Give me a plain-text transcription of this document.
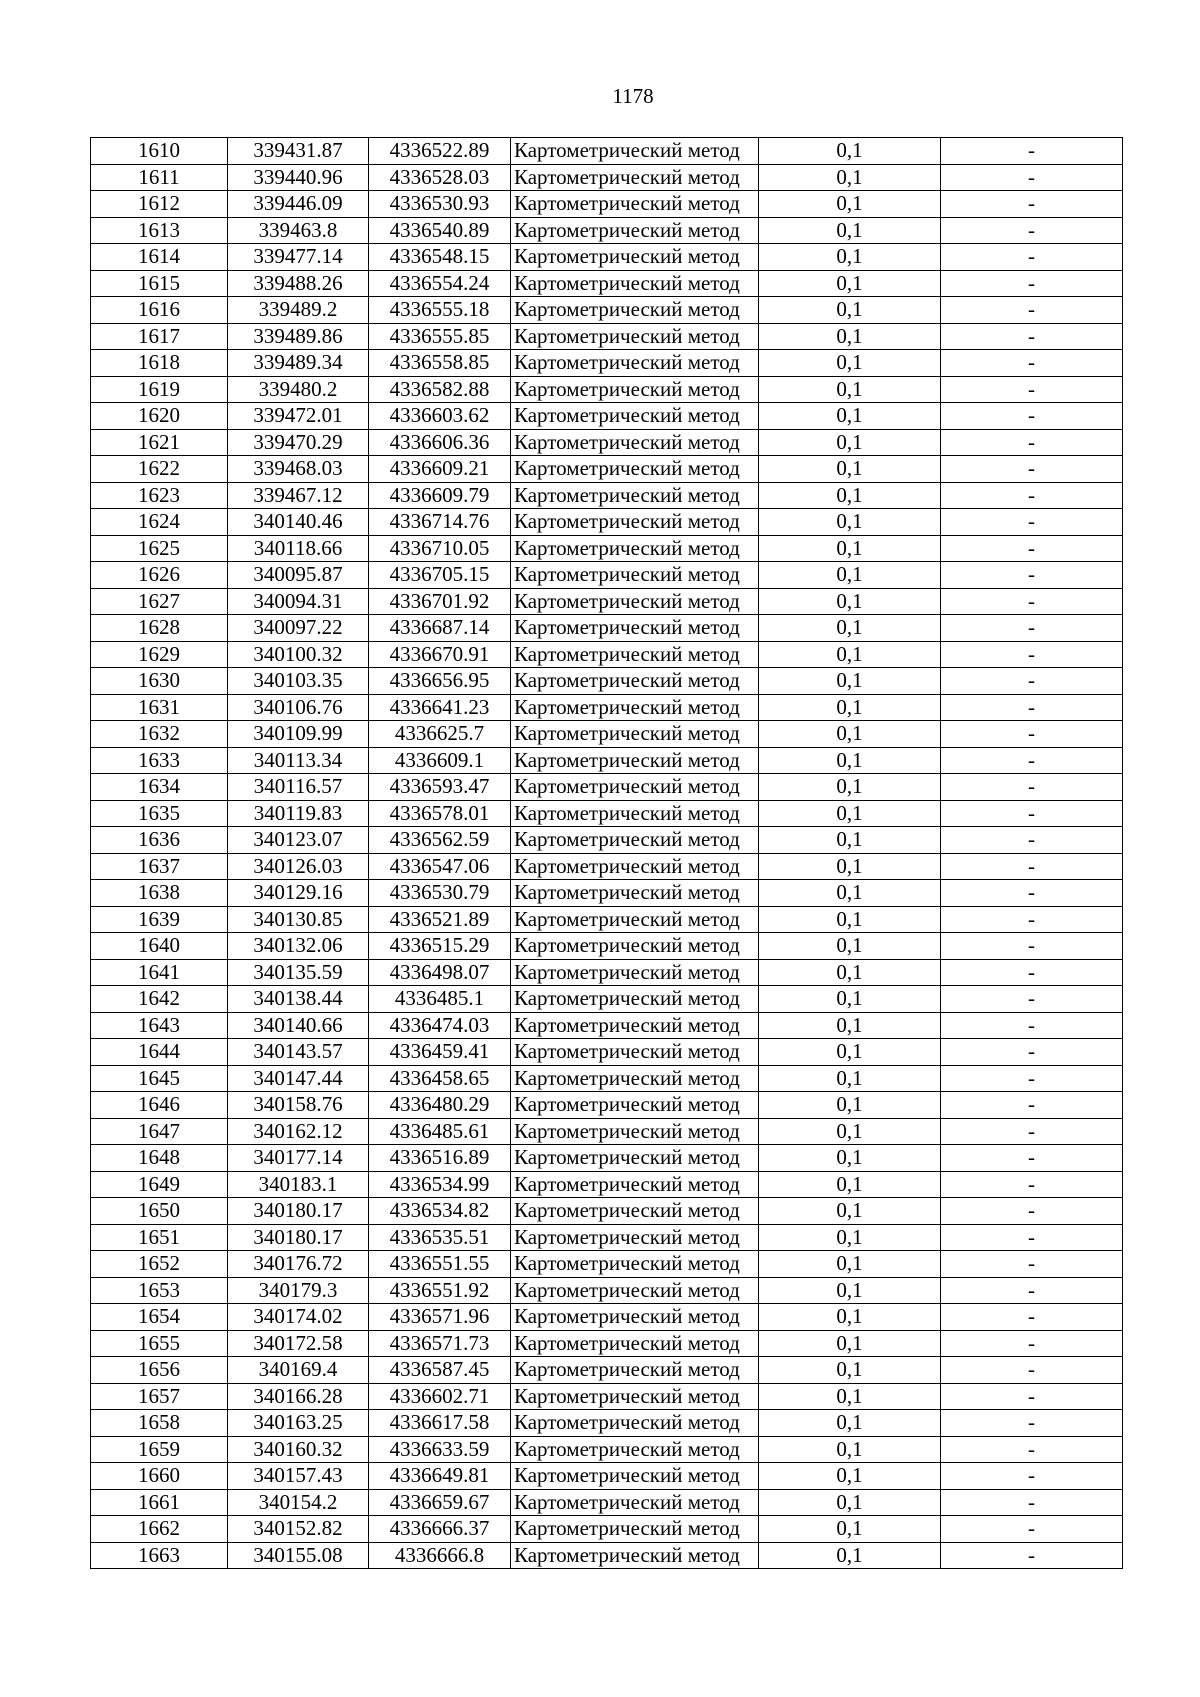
1178
1610	339431.87	4336522.89	Картометрический метод	0,1	-
1611	339440.96	4336528.03	Картометрический метод	0,1	-
1612	339446.09	4336530.93	Картометрический метод	0,1	-
1613	339463.8	4336540.89	Картометрический метод	0,1	-
1614	339477.14	4336548.15	Картометрический метод	0,1	-
1615	339488.26	4336554.24	Картометрический метод	0,1	-
1616	339489.2	4336555.18	Картометрический метод	0,1	-
1617	339489.86	4336555.85	Картометрический метод	0,1	-
1618	339489.34	4336558.85	Картометрический метод	0,1	-
1619	339480.2	4336582.88	Картометрический метод	0,1	-
1620	339472.01	4336603.62	Картометрический метод	0,1	-
1621	339470.29	4336606.36	Картометрический метод	0,1	-
1622	339468.03	4336609.21	Картометрический метод	0,1	-
1623	339467.12	4336609.79	Картометрический метод	0,1	-
1624	340140.46	4336714.76	Картометрический метод	0,1	-
1625	340118.66	4336710.05	Картометрический метод	0,1	-
1626	340095.87	4336705.15	Картометрический метод	0,1	-
1627	340094.31	4336701.92	Картометрический метод	0,1	-
1628	340097.22	4336687.14	Картометрический метод	0,1	-
1629	340100.32	4336670.91	Картометрический метод	0,1	-
1630	340103.35	4336656.95	Картометрический метод	0,1	-
1631	340106.76	4336641.23	Картометрический метод	0,1	-
1632	340109.99	4336625.7	Картометрический метод	0,1	-
1633	340113.34	4336609.1	Картометрический метод	0,1	-
1634	340116.57	4336593.47	Картометрический метод	0,1	-
1635	340119.83	4336578.01	Картометрический метод	0,1	-
1636	340123.07	4336562.59	Картометрический метод	0,1	-
1637	340126.03	4336547.06	Картометрический метод	0,1	-
1638	340129.16	4336530.79	Картометрический метод	0,1	-
1639	340130.85	4336521.89	Картометрический метод	0,1	-
1640	340132.06	4336515.29	Картометрический метод	0,1	-
1641	340135.59	4336498.07	Картометрический метод	0,1	-
1642	340138.44	4336485.1	Картометрический метод	0,1	-
1643	340140.66	4336474.03	Картометрический метод	0,1	-
1644	340143.57	4336459.41	Картометрический метод	0,1	-
1645	340147.44	4336458.65	Картометрический метод	0,1	-
1646	340158.76	4336480.29	Картометрический метод	0,1	-
1647	340162.12	4336485.61	Картометрический метод	0,1	-
1648	340177.14	4336516.89	Картометрический метод	0,1	-
1649	340183.1	4336534.99	Картометрический метод	0,1	-
1650	340180.17	4336534.82	Картометрический метод	0,1	-
1651	340180.17	4336535.51	Картометрический метод	0,1	-
1652	340176.72	4336551.55	Картометрический метод	0,1	-
1653	340179.3	4336551.92	Картометрический метод	0,1	-
1654	340174.02	4336571.96	Картометрический метод	0,1	-
1655	340172.58	4336571.73	Картометрический метод	0,1	-
1656	340169.4	4336587.45	Картометрический метод	0,1	-
1657	340166.28	4336602.71	Картометрический метод	0,1	-
1658	340163.25	4336617.58	Картометрический метод	0,1	-
1659	340160.32	4336633.59	Картометрический метод	0,1	-
1660	340157.43	4336649.81	Картометрический метод	0,1	-
1661	340154.2	4336659.67	Картометрический метод	0,1	-
1662	340152.82	4336666.37	Картометрический метод	0,1	-
1663	340155.08	4336666.8	Картометрический метод	0,1	-
